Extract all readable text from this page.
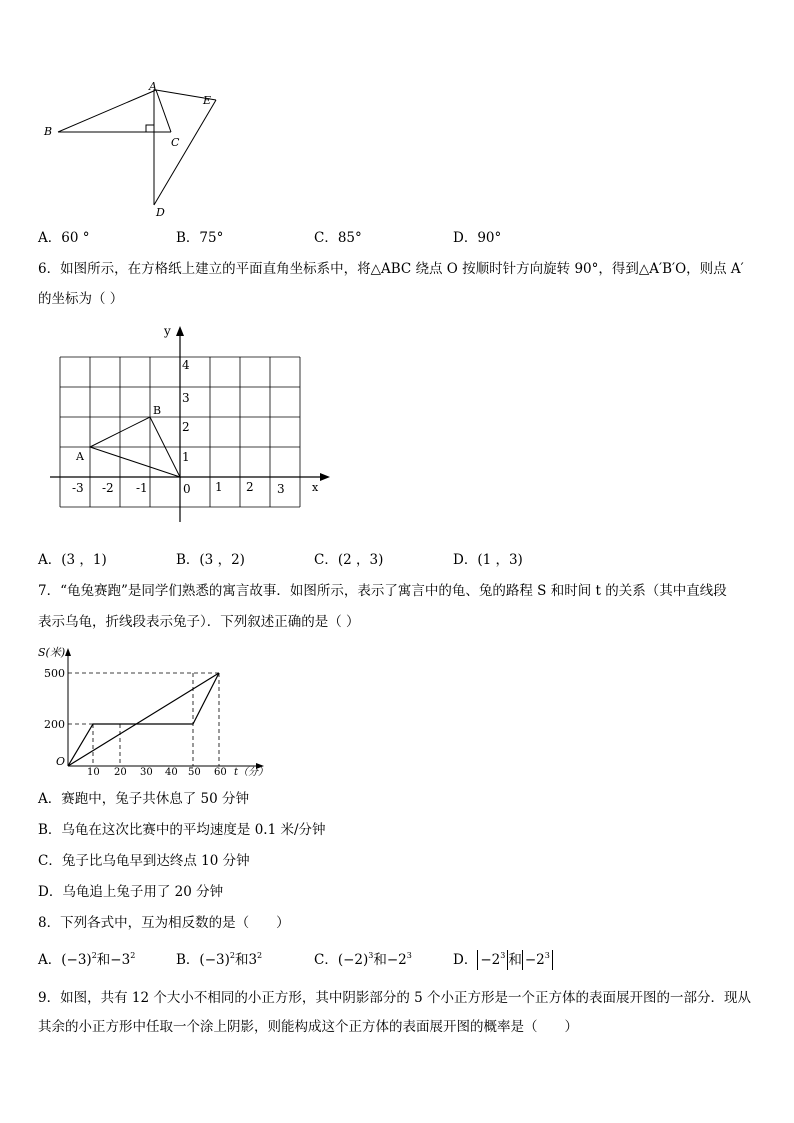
A
B
C
D
E
A．60 °	B．75°	C．85°	D．90°
6．如图所示，在方格纸上建立的平面直角坐标系中，将△ABC 绕点 O 按顺时针方向旋转 90°，得到△A′B′O，则点 A′
的坐标为（ ）
y
x
A
B
4
3
2
1
-3 -2 -1	0 1 2 3
A．(3 ，1)	B．(3 ，2)	C．(2 ，3)	D．(1 ，3)
7．“龟兔赛跑”是同学们熟悉的寓言故事．如图所示，表示了寓言中的龟、兔的路程 S 和时间 t 的关系（其中直线段
表示乌龟，折线段表示兔子）．下列叙述正确的是（ ）
S(米)
500
200
O
10 20 30 40 50 60 t（分）
A．赛跑中，兔子共休息了 50 分钟
B．乌龟在这次比赛中的平均速度是 0.1 米/分钟
C．兔子比乌龟早到达终点 10 分钟
D．乌龟追上兔子用了 20 分钟
8．下列各式中，互为相反数的是（　　）
A．$(-3)^2$和$-3^2$	B．$(-3)^2$和$3^2$	C．$(-2)^3$和$-2^3$	D． $-2^3$ 和 $-2^3$
9．如图，共有 12 个大小不相同的小正方形，其中阴影部分的 5 个小正方形是一个正方体的表面展开图的一部分．现从
其余的小正方形中任取一个涂上阴影，则能构成这个正方体的表面展开图的概率是（　　）
